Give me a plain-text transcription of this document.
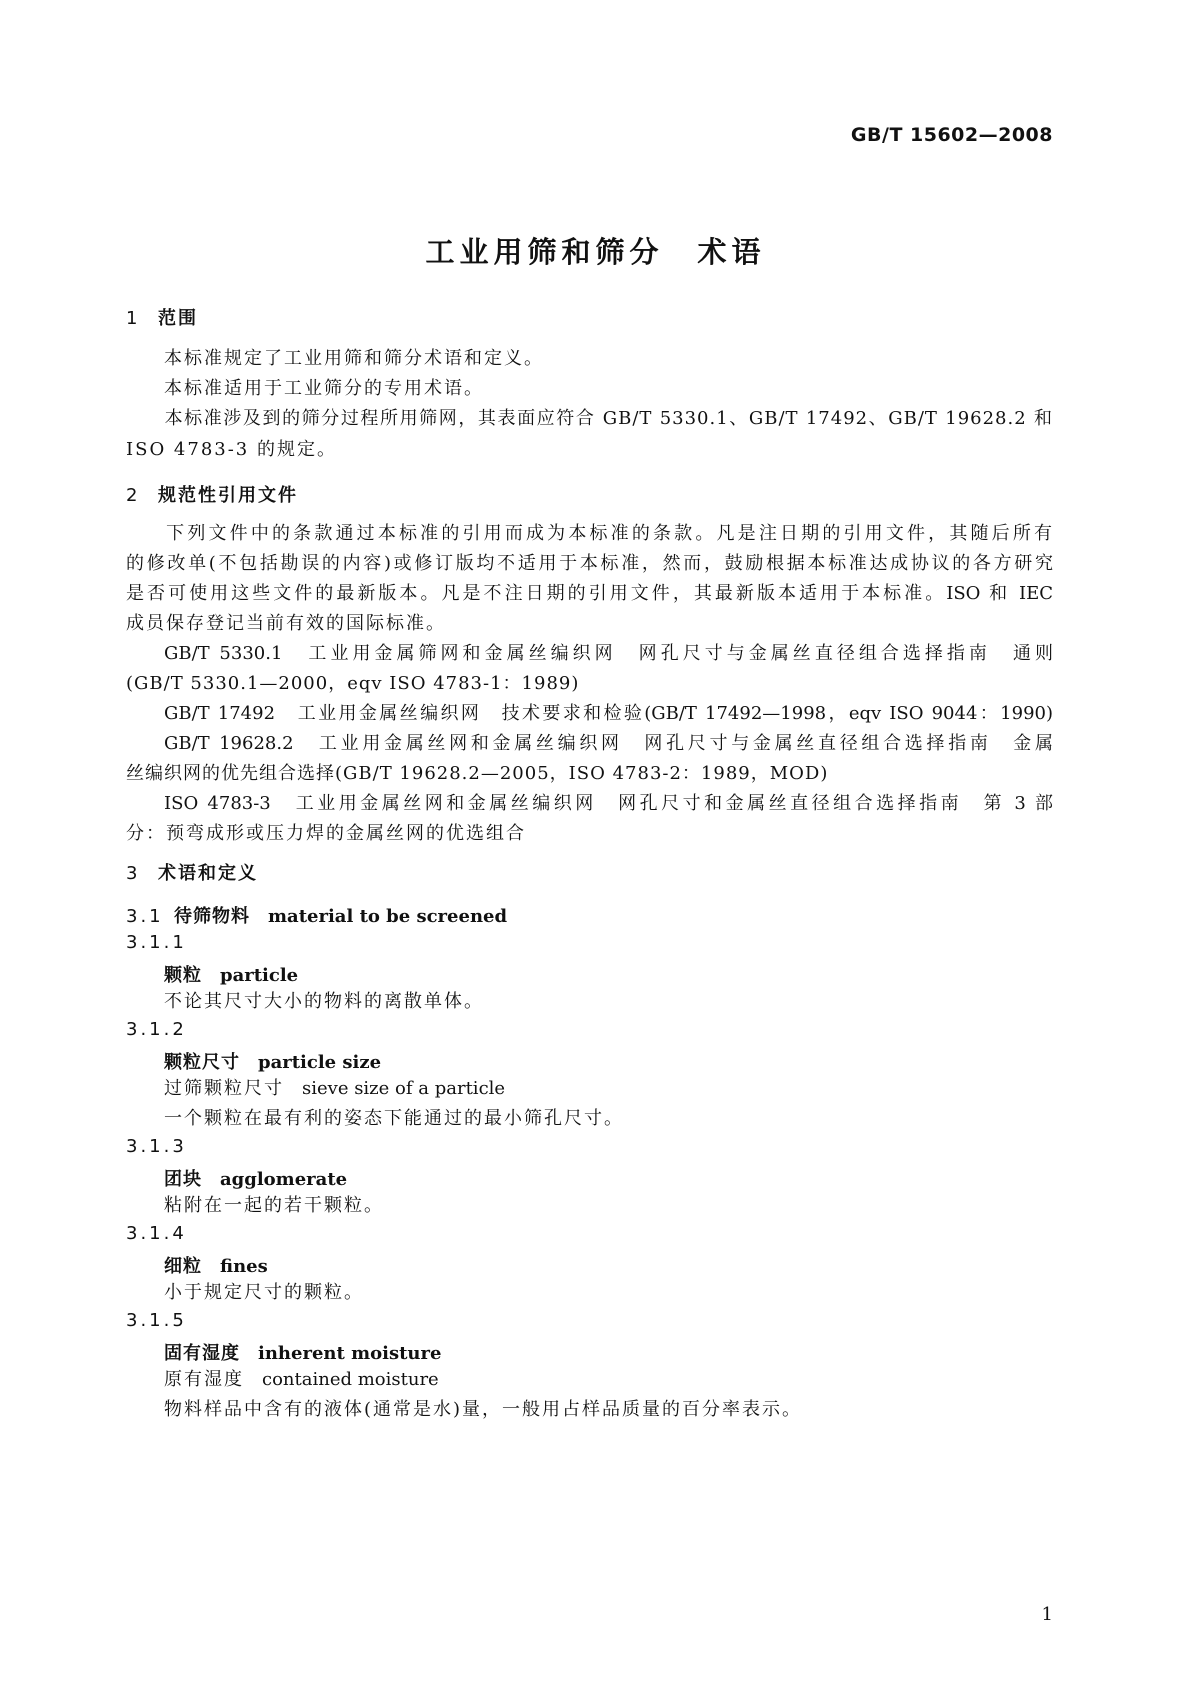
GB/T 15602—2008
工业用筛和筛分　术语
1 范围
本标准规定了工业用筛和筛分术语和定义。
本标准适用于工业筛分的专用术语。
本标准涉及到的筛分过程所用筛网，其表面应符合 GB/T 5330.1、GB/T 17492、GB/T 19628.2 和
ISO 4783-3 的规定。
2 规范性引用文件
下列文件中的条款通过本标准的引用而成为本标准的条款。凡是注日期的引用文件，其随后所有
的修改单(不包括勘误的内容)或修订版均不适用于本标准，然而，鼓励根据本标准达成协议的各方研究
是否可使用这些文件的最新版本。凡是不注日期的引用文件，其最新版本适用于本标准。ISO 和 IEC
成员保存登记当前有效的国际标准。
GB/T 5330.1　工业用金属筛网和金属丝编织网　网孔尺寸与金属丝直径组合选择指南　通则
(GB/T 5330.1—2000，eqv ISO 4783-1：1989)
GB/T 17492　工业用金属丝编织网　技术要求和检验(GB/T 17492—1998，eqv ISO 9044：1990)
GB/T 19628.2　工业用金属丝网和金属丝编织网　网孔尺寸与金属丝直径组合选择指南　金属
丝编织网的优先组合选择(GB/T 19628.2—2005，ISO 4783-2：1989，MOD)
ISO 4783-3　工业用金属丝网和金属丝编织网　网孔尺寸和金属丝直径组合选择指南　第 3 部
分：预弯成形或压力焊的金属丝网的优选组合
3 术语和定义
3.1 待筛物料 material to be screened
3.1.1
颗粒 particle
不论其尺寸大小的物料的离散单体。
3.1.2
颗粒尺寸 particle size
过筛颗粒尺寸 sieve size of a particle
一个颗粒在最有利的姿态下能通过的最小筛孔尺寸。
3.1.3
团块 agglomerate
粘附在一起的若干颗粒。
3.1.4
细粒 fines
小于规定尺寸的颗粒。
3.1.5
固有湿度 inherent moisture
原有湿度 contained moisture
物料样品中含有的液体(通常是水)量，一般用占样品质量的百分率表示。
1
